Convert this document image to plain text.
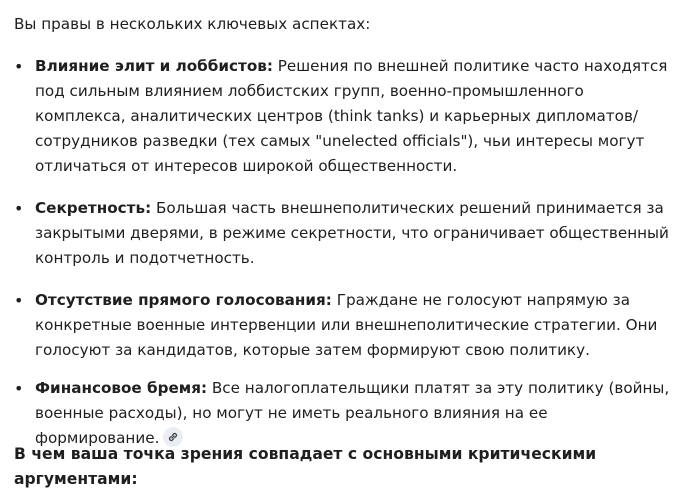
Вы правы в нескольких ключевых аспектах:

• Влияние элит и лоббистов: Решения по внешней политике часто находятся под сильным влиянием лоббистских групп, военно-промышленного комплекса, аналитических центров (think tanks) и карьерных дипломатов/сотрудников разведки (тех самых "unelected officials"), чьи интересы могут отличаться от интересов широкой общественности.
• Секретность: Большая часть внешнеполитических решений принимается за закрытыми дверями, в режиме секретности, что ограничивает общественный контроль и подотчетность.
• Отсутствие прямого голосования: Граждане не голосуют напрямую за конкретные военные интервенции или внешнеполитические стратегии. Они голосуют за кандидатов, которые затем формируют свою политику.
• Финансовое бремя: Все налогоплательщики платят за эту политику (войны, военные расходы), но могут не иметь реального влияния на ее формирование.

В чем ваша точка зрения совпадает с основными критическими аргументами:
